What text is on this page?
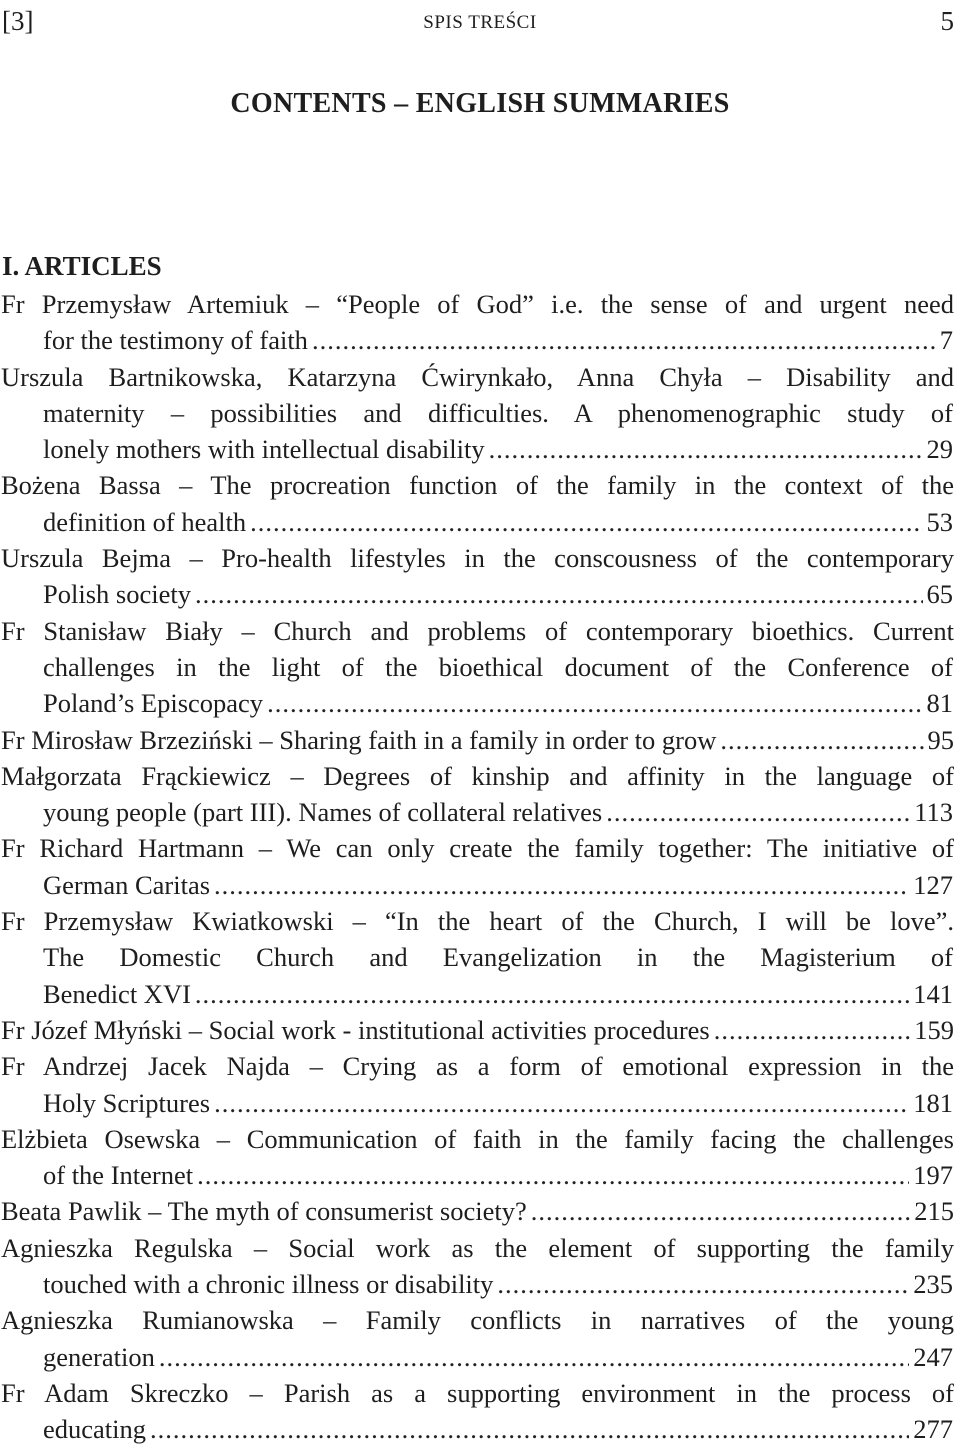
[3]	SPIS TREŚCI	5
CONTENTS – ENGLISH SUMMARIES
I. ARTICLES
Fr Przemysław Artemiuk – “People of God” i.e. the sense of and urgent need
for the testimony of faith .....	7
Urszula Bartnikowska, Katarzyna Ćwirynkało, Anna Chyła – Disability and
maternity – possibilities and difficulties. A phenomenographic study of
lonely mothers with intellectual disability .....	29
Bożena Bassa – The procreation function of the family in the context of the
definition of health .....	53
Urszula Bejma – Pro-health lifestyles in the conscousness of the contemporary
Polish society .....	65
Fr Stanisław Biały – Church and problems of contemporary bioethics. Current
challenges in the light of the bioethical document of the Conference of
Poland’s Episcopacy .....	81
Fr Mirosław Brzeziński – Sharing faith in a family in order to grow .....	95
Małgorzata Frąckiewicz – Degrees of kinship and affinity in the language of
young people (part III). Names of collateral relatives .....	113
Fr Richard Hartmann – We can only create the family together: The initiative of
German Caritas .....	127
Fr Przemysław Kwiatkowski – “In the heart of the Church, I will be love”.
The Domestic Church and Evangelization in the Magisterium of
Benedict XVI .....	141
Fr Józef Młyński – Social work - institutional activities procedures .....	159
Fr Andrzej Jacek Najda – Crying as a form of emotional expression in the
Holy Scriptures .....	181
Elżbieta Osewska – Communication of faith in the family facing the challenges
of the Internet .....	197
Beata Pawlik – The myth of consumerist society? .....	215
Agnieszka Regulska – Social work as the element of supporting the family
touched with a chronic illness or disability .....	235
Agnieszka Rumianowska – Family conflicts in narratives of the young
generation .....	247
Fr Adam Skreczko – Parish as a supporting environment in the process of
educating .....	277
